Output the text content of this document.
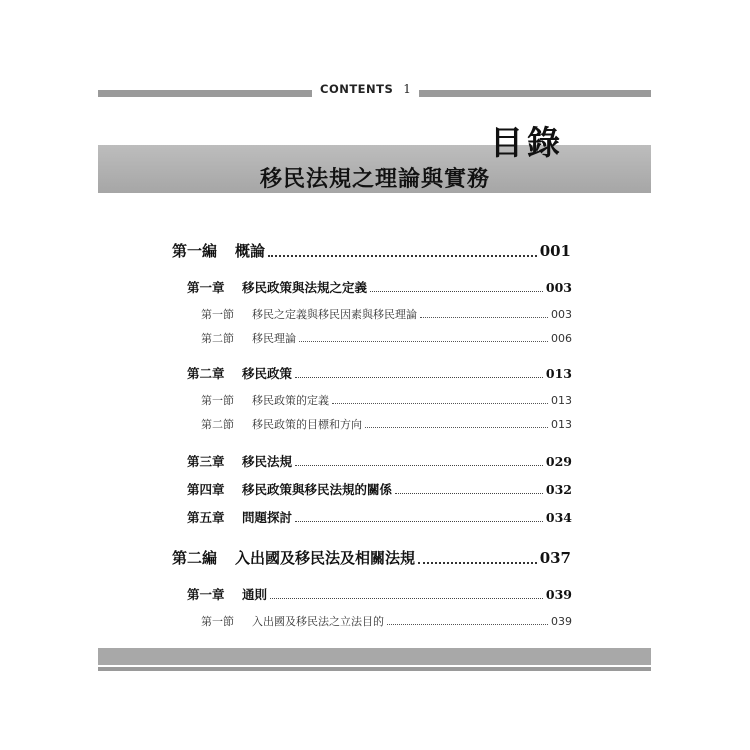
CONTENTS 1
目錄
移民法規之理論與實務
第一編 概論	001
第一章 移民政策與法規之定義	003
第一節 移民之定義與移民因素與移民理論	003
第二節 移民理論	006
第二章 移民政策	013
第一節 移民政策的定義	013
第二節 移民政策的目標和方向	013
第三章 移民法規	029
第四章 移民政策與移民法規的關係	032
第五章 問題探討	034
第二編 入出國及移民法及相關法規	037
第一章 通則	039
第一節 入出國及移民法之立法目的	039
